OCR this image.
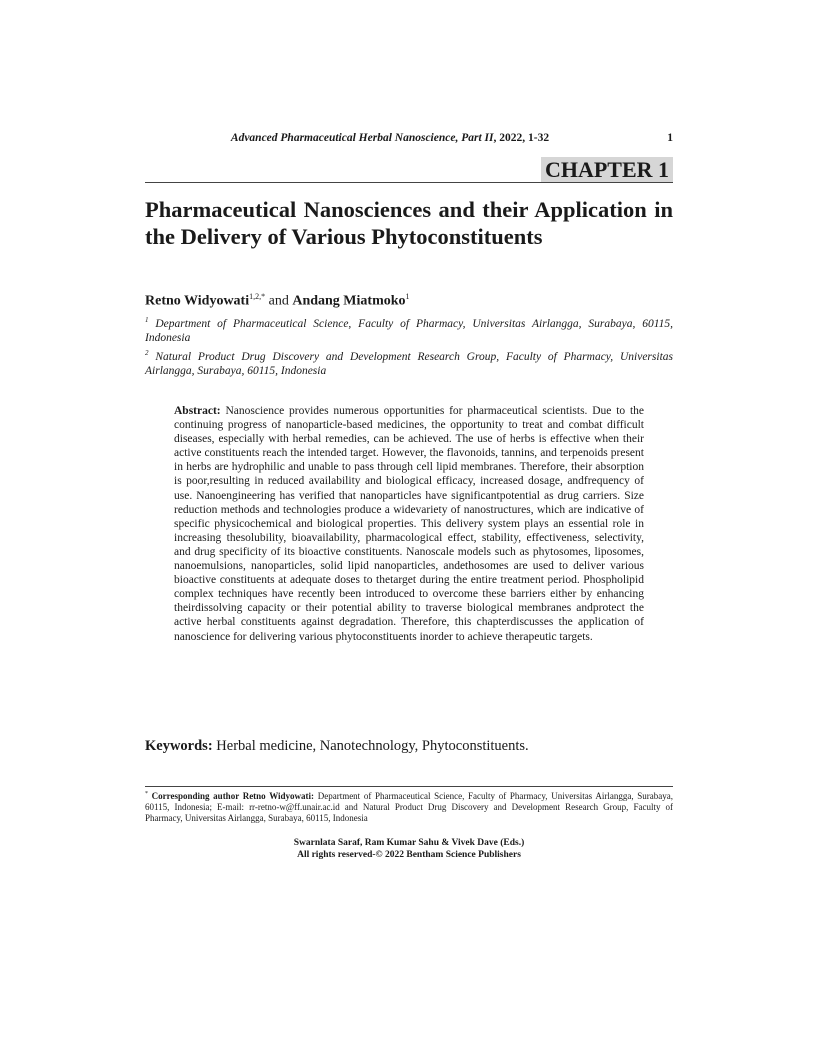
Advanced Pharmaceutical Herbal Nanoscience, Part II, 2022, 1-32	1
CHAPTER 1
Pharmaceutical Nanosciences and their Application in the Delivery of Various Phytoconstituents
Retno Widyowati$^{1,2,*}$ and Andang Miatmoko$^1$

$^1$ Department of Pharmaceutical Science, Faculty of Pharmacy, Universitas Airlangga, Surabaya, 60115, Indonesia

$^2$ Natural Product Drug Discovery and Development Research Group, Faculty of Pharmacy, Universitas Airlangga, Surabaya, 60115, Indonesia

Abstract: Nanoscience provides numerous opportunities for pharmaceutical scientists. Due to the continuing progress of nanoparticle-based medicines, the opportunity to treat and combat difficult diseases, especially with herbal remedies, can be achieved. The use of herbs is effective when their active constituents reach the intended target. However, the flavonoids, tannins, and terpenoids present in herbs are hydrophilic and unable to pass through cell lipid membranes. Therefore, their absorption is poor,resulting in reduced availability and biological efficacy, increased dosage, andfrequency of use. Nanoengineering has verified that nanoparticles have significantpotential as drug carriers. Size reduction methods and technologies produce a widevariety of nanostructures, which are indicative of specific physicochemical and biological properties. This delivery system plays an essential role in increasing thesolubility, bioavailability, pharmacological effect, stability, effectiveness, selectivity, and drug specificity of its bioactive constituents. Nanoscale models such as phytosomes, liposomes, nanoemulsions, nanoparticles, solid lipid nanoparticles, andethosomes are used to deliver various bioactive constituents at adequate doses to thetarget during the entire treatment period. Phospholipid complex techniques have recently been introduced to overcome these barriers either by enhancing theirdissolving capacity or their potential ability to traverse biological membranes andprotect the active herbal constituents against degradation. Therefore, this chapterdiscusses the application of nanoscience for delivering various phytoconstituents inorder to achieve therapeutic targets.

Keywords: Herbal medicine, Nanotechnology, Phytoconstituents.

* Corresponding author Retno Widyowati: Department of Pharmaceutical Science, Faculty of Pharmacy, Universitas Airlangga, Surabaya, 60115, Indonesia; E-mail: rr-retno-w@ff.unair.ac.id and Natural Product Drug Discovery and Development Research Group, Faculty of Pharmacy, Universitas Airlangga, Surabaya, 60115, Indonesia

Swarnlata Saraf, Ram Kumar Sahu & Vivek Dave (Eds.)
All rights reserved-© 2022 Bentham Science Publishers
